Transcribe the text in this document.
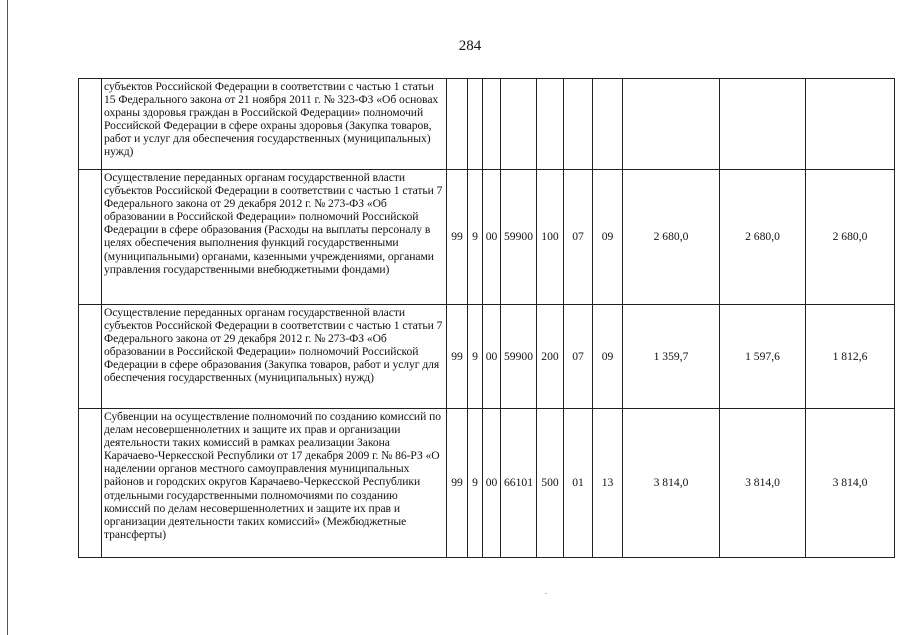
284
	субъектов Российской Федерации в соответствии с частью 1 статьи 15 Федерального закона от 21 ноября 2011 г. № 323-ФЗ «Об основах охраны здоровья граждан в Российской Федерации» полномочий Российской Федерации в сфере охраны здоровья (Закупка товаров, работ и услуг для обеспечения государственных (муниципальных) нужд)										
	Осуществление переданных органам государственной власти субъектов Российской Федерации в соответствии с частью 1 статьи 7 Федерального закона от 29 декабря 2012 г. № 273-ФЗ «Об образовании в Российской Федерации» полномочий Российской Федерации в сфере образования (Расходы на выплаты персоналу в целях обеспечения выполнения функций государственными (муниципальными) органами, казенными учреждениями, органами управления государственными внебюджетными фондами)	99	9	00	59900	100	07	09	2 680,0	2 680,0	2 680,0
	Осуществление переданных органам государственной власти субъектов Российской Федерации в соответствии с частью 1 статьи 7 Федерального закона от 29 декабря 2012 г. № 273-ФЗ «Об образовании в Российской Федерации» полномочий Российской Федерации в сфере образования (Закупка товаров, работ и услуг для обеспечения государственных (муниципальных) нужд)	99	9	00	59900	200	07	09	1 359,7	1 597,6	1 812,6
	Субвенции на осуществление полномочий по созданию комиссий по делам несовершеннолетних и защите их прав и организации деятельности таких комиссий в рамках реализации Закона Карачаево-Черкесской Республики от 17 декабря 2009 г. № 86-РЗ «О наделении органов местного самоуправления муниципальных районов и городских округов Карачаево-Черкесской Республики отдельными государственными полномочиями по созданию комиссий по делам несовершеннолетних и защите их прав и организации деятельности таких комиссий» (Межбюджетные трансферты)	99	9	00	66101	500	01	13	3 814,0	3 814,0	3 814,0
